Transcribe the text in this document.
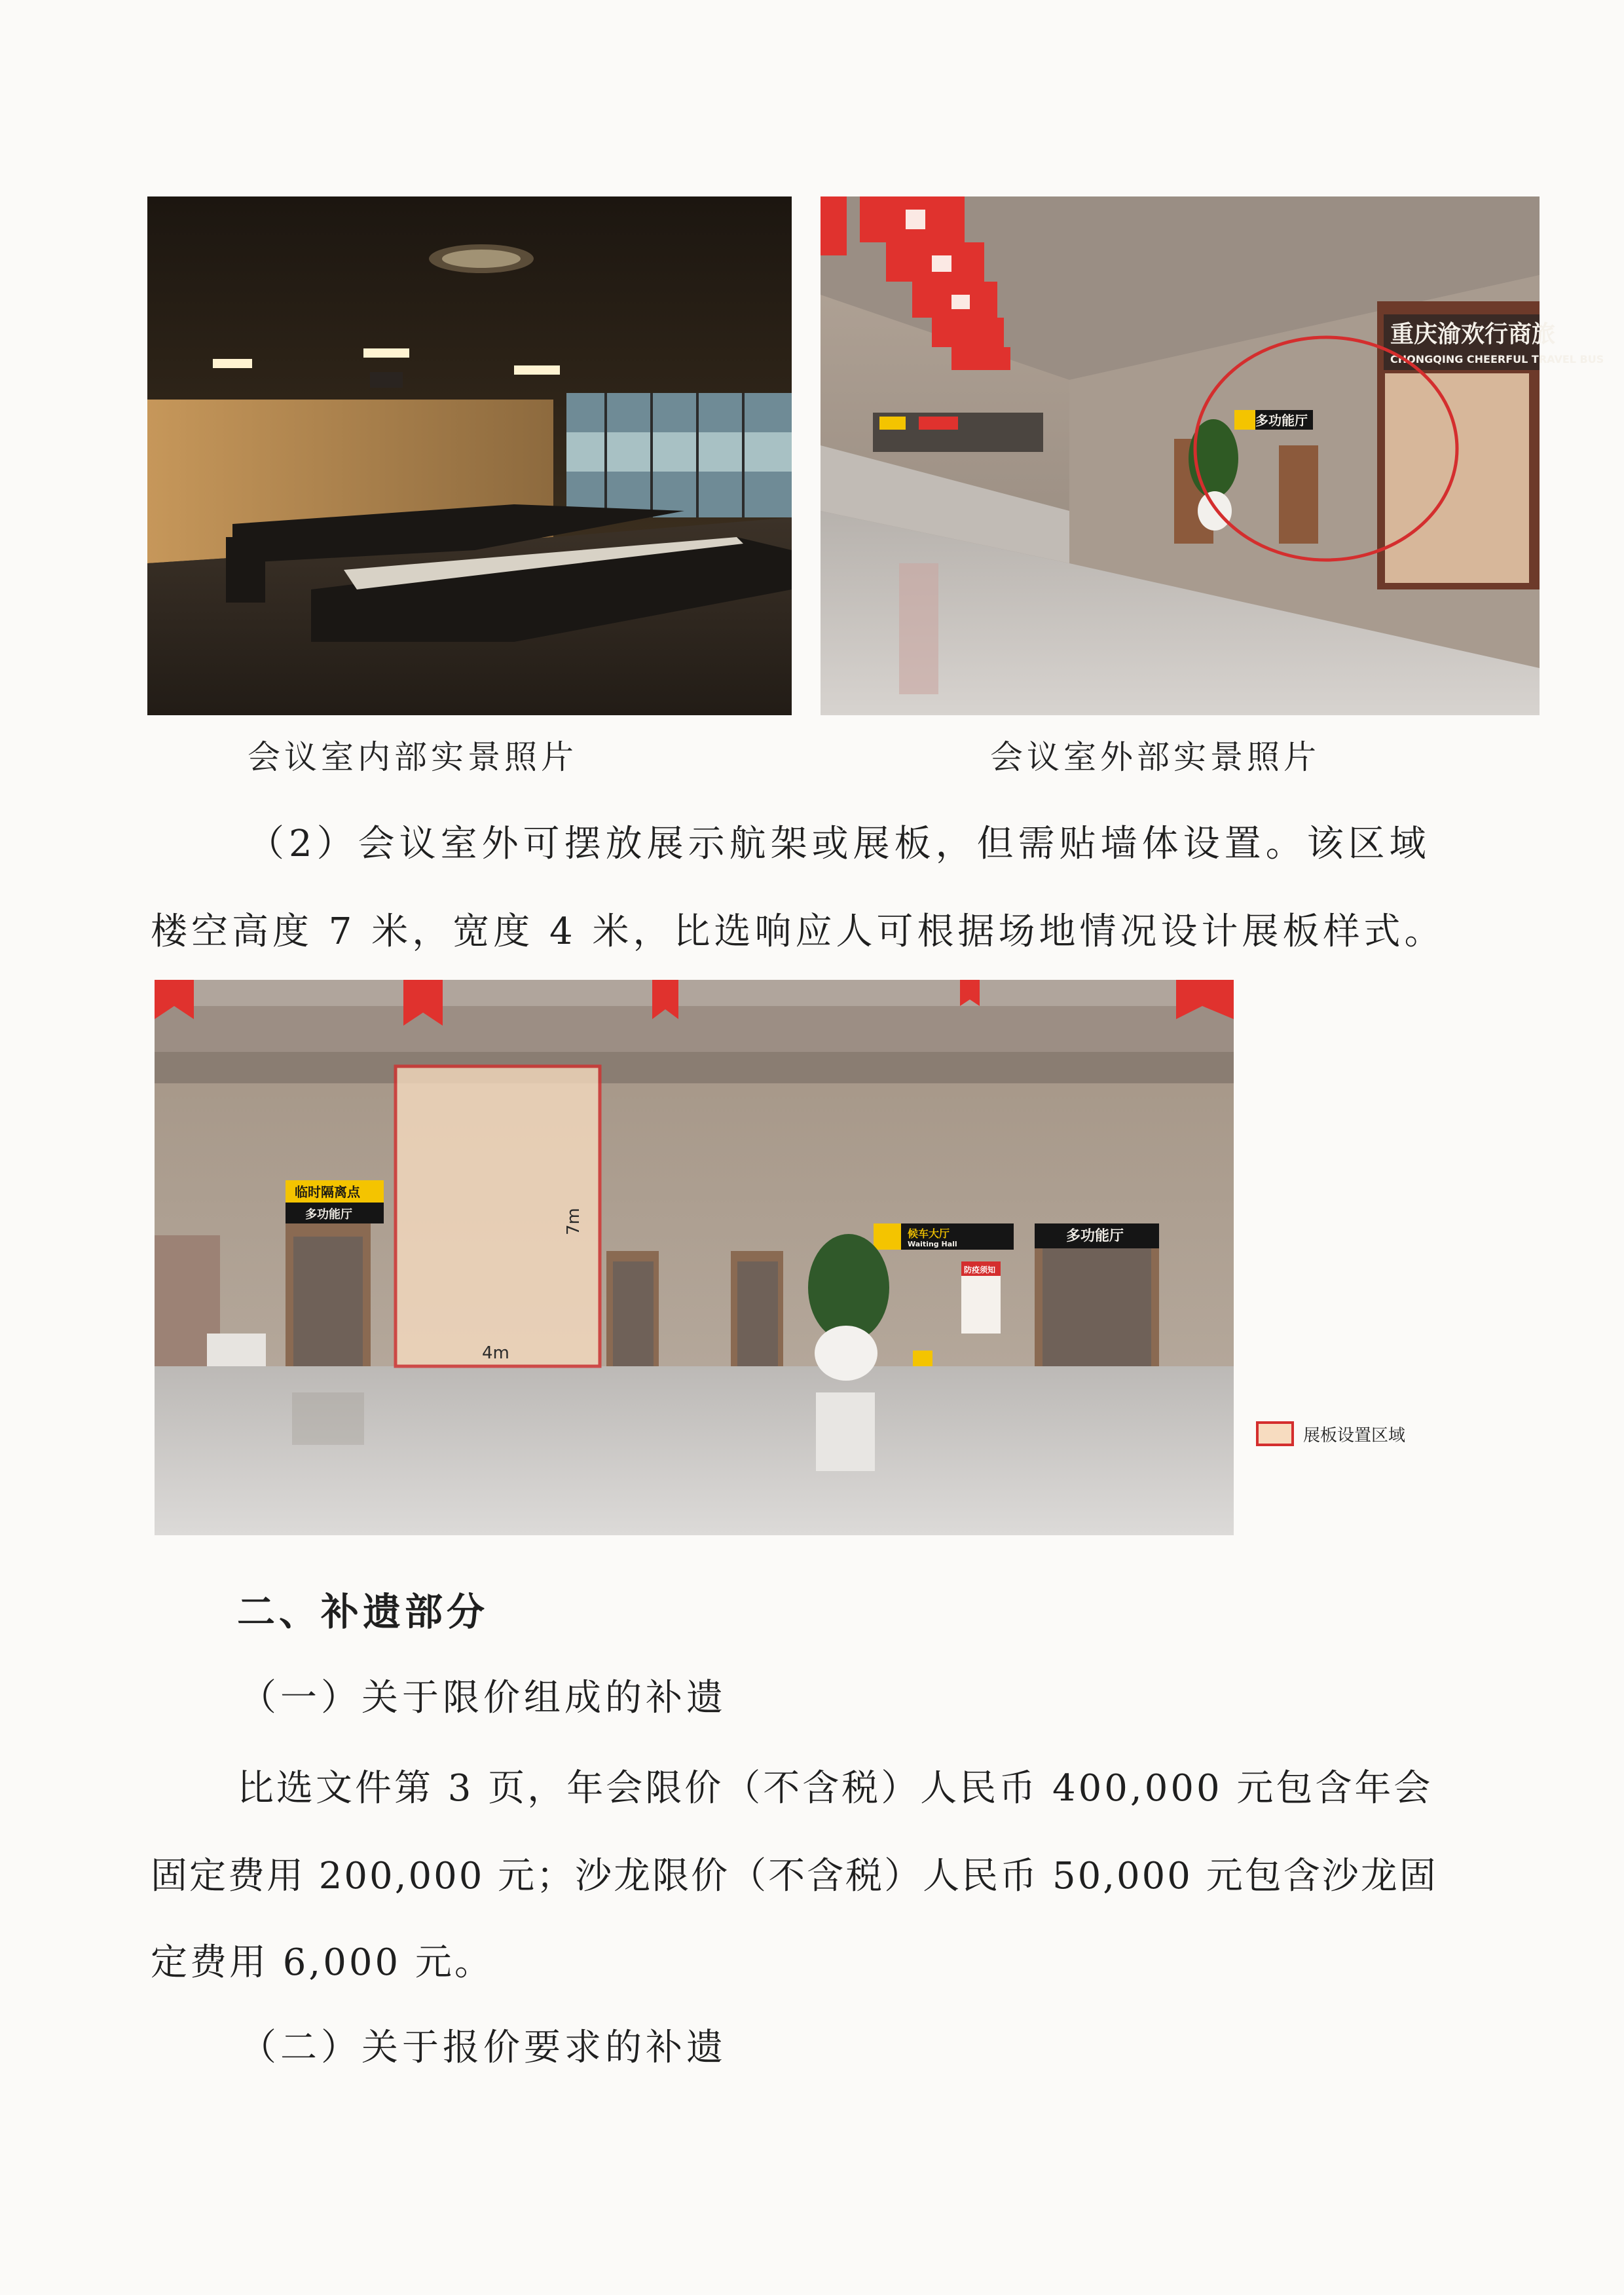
会议室内部实景照片
重庆渝欢行商旅
CHONGQING CHEERFUL TRAVEL BUS
多功能厅
会议室外部实景照片
（2）会议室外可摆放展示航架或展板，但需贴墙体设置。该区域
楼空高度 7 米，宽度 4 米，比选响应人可根据场地情况设计展板样式。
临时隔离点
多功能厅
候车大厅
Waiting Hall
防疫须知
多功能厅
7m
4m
展板设置区域
二、补遗部分
（一）关于限价组成的补遗
比选文件第 3 页，年会限价（不含税）人民币 400,000 元包含年会
固定费用 200,000 元；沙龙限价（不含税）人民币 50,000 元包含沙龙固
定费用 6,000 元。
（二）关于报价要求的补遗
